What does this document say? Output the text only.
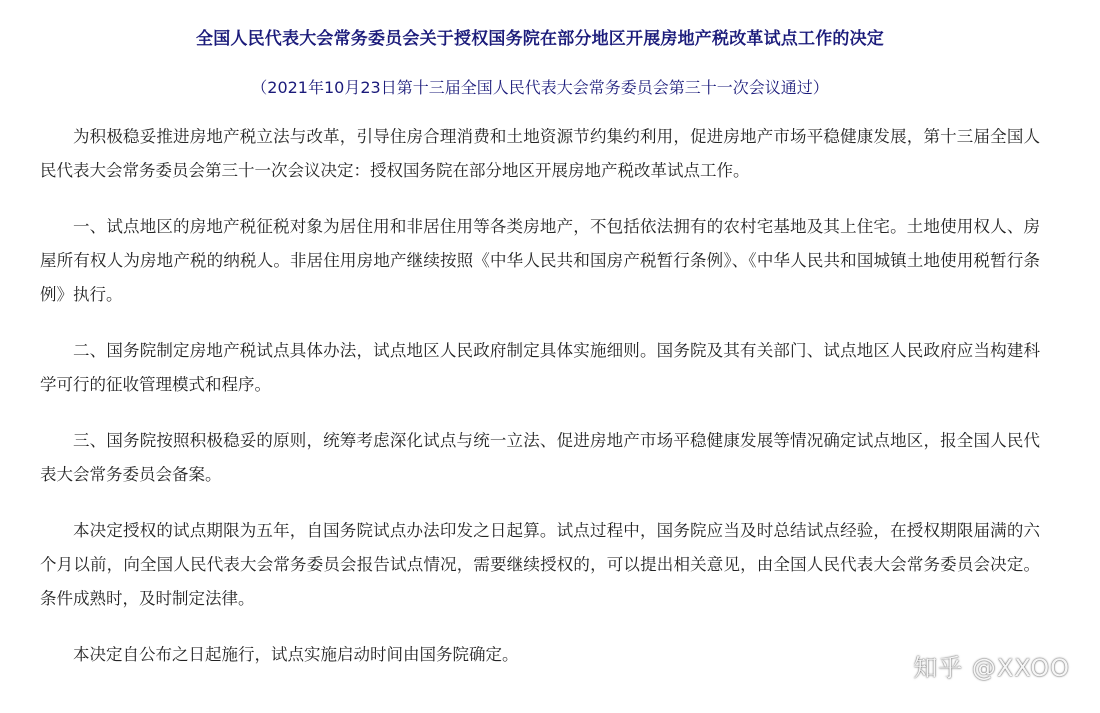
全国人民代表大会常务委员会关于授权国务院在部分地区开展房地产税改革试点工作的决定

（2021年10月23日第十三届全国人民代表大会常务委员会第三十一次会议通过）

为积极稳妥推进房地产税立法与改革，引导住房合理消费和土地资源节约集约利用，促进房地产市场平稳健康发展，第十三届全国人民代表大会常务委员会第三十一次会议决定：授权国务院在部分地区开展房地产税改革试点工作。

一、试点地区的房地产税征税对象为居住用和非居住用等各类房地产，不包括依法拥有的农村宅基地及其上住宅。土地使用权人、房屋所有权人为房地产税的纳税人。非居住用房地产继续按照《中华人民共和国房产税暂行条例》、《中华人民共和国城镇土地使用税暂行条例》执行。

二、国务院制定房地产税试点具体办法，试点地区人民政府制定具体实施细则。国务院及其有关部门、试点地区人民政府应当构建科学可行的征收管理模式和程序。

三、国务院按照积极稳妥的原则，统筹考虑深化试点与统一立法、促进房地产市场平稳健康发展等情况确定试点地区，报全国人民代表大会常务委员会备案。

本决定授权的试点期限为五年，自国务院试点办法印发之日起算。试点过程中，国务院应当及时总结试点经验，在授权期限届满的六个月以前，向全国人民代表大会常务委员会报告试点情况，需要继续授权的，可以提出相关意见，由全国人民代表大会常务委员会决定。条件成熟时，及时制定法律。

本决定自公布之日起施行，试点实施启动时间由国务院确定。	知乎 @XXOO
